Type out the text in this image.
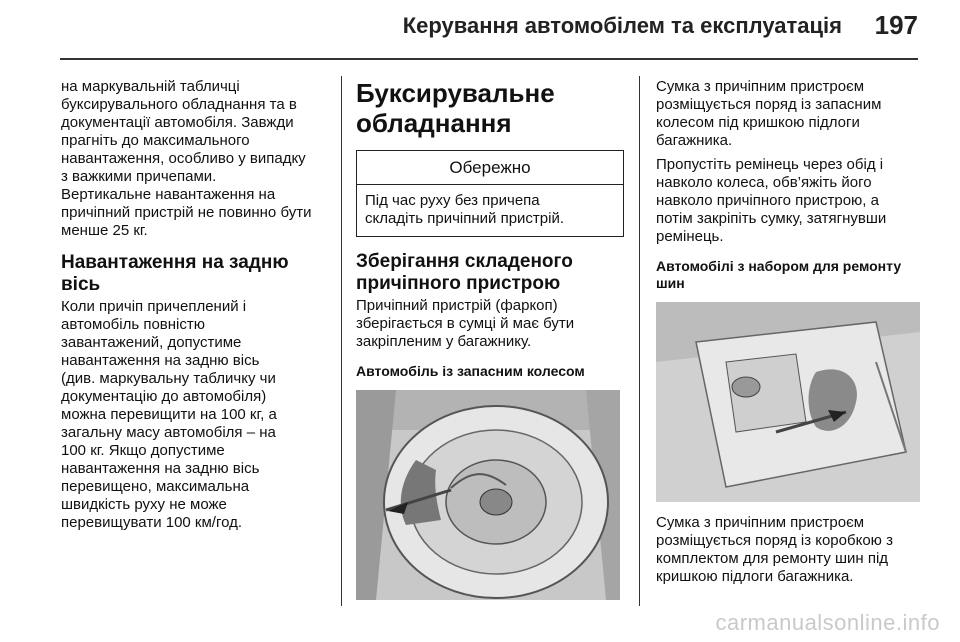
Керування автомобілем та експлуатація 197

на маркувальній табличці
буксирувального обладнання та в
документації автомобіля. Завжди
прагніть до максимального
навантаження, особливо у випадку
з важкими причепами.
Вертикальне навантаження на
причіпний пристрій не повинно бути
менше 25 кг.

Навантаження на задню вісь

Коли причіп причеплений і
автомобіль повністю
завантажений, допустиме
навантаження на задню вісь
(див. маркувальну табличку чи
документацію до автомобіля)
можна перевищити на 100 кг, а
загальну масу автомобіля – на
100 кг. Якщо допустиме
навантаження на задню вісь
перевищено, максимальна
швидкість руху не може
перевищувати 100 км/год.

Буксирувальне
обладнання
Обережно
Під час руху без причепа
складіть причіпний пристрій.
Зберігання складеного
причіпного пристрою

Причіпний пристрій (фаркоп)
зберігається в сумці й має бути
закріпленим у багажнику.

Автомобіль із запасним колесом

Сумка з причіпним пристроєм
розміщується поряд із запасним
колесом під кришкою підлоги
багажника.

Пропустіть ремінець через обід і
навколо колеса, обв’яжіть його
навколо причіпного пристрою, а
потім закріпіть сумку, затягнувши
ремінець.

Автомобілі з набором для ремонту
шин

Сумка з причіпним пристроєм
розміщується поряд із коробкою з
комплектом для ремонту шин під
кришкою підлоги багажника.

carmanualsonline.info
